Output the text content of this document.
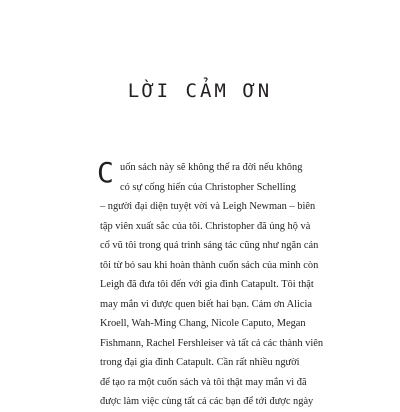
LỜI CẢM ƠN
C uốn sách này sẽ không thể ra đời nếu không
có sự cống hiến của Christopher Schelling
– người đại diện tuyệt vời và Leigh Newman – biên
tập viên xuất sắc của tôi. Christopher đã ủng hộ và
cổ vũ tôi trong quá trình sáng tác cũng như ngăn cản
tôi từ bỏ sau khi hoàn thành cuốn sách của mình còn
Leigh đã đưa tôi đến với gia đình Catapult. Tôi thật
may mắn vì được quen biết hai bạn. Cảm ơn Alicia
Kroell, Wah-Ming Chang, Nicole Caputo, Megan
Fishmann, Rachel Fershleiser và tất cả các thành viên
trong đại gia đình Catapult. Cần rất nhiều người
để tạo ra một cuốn sách và tôi thật may mắn vì đã
được làm việc cùng tất cả các bạn để tới được ngày
